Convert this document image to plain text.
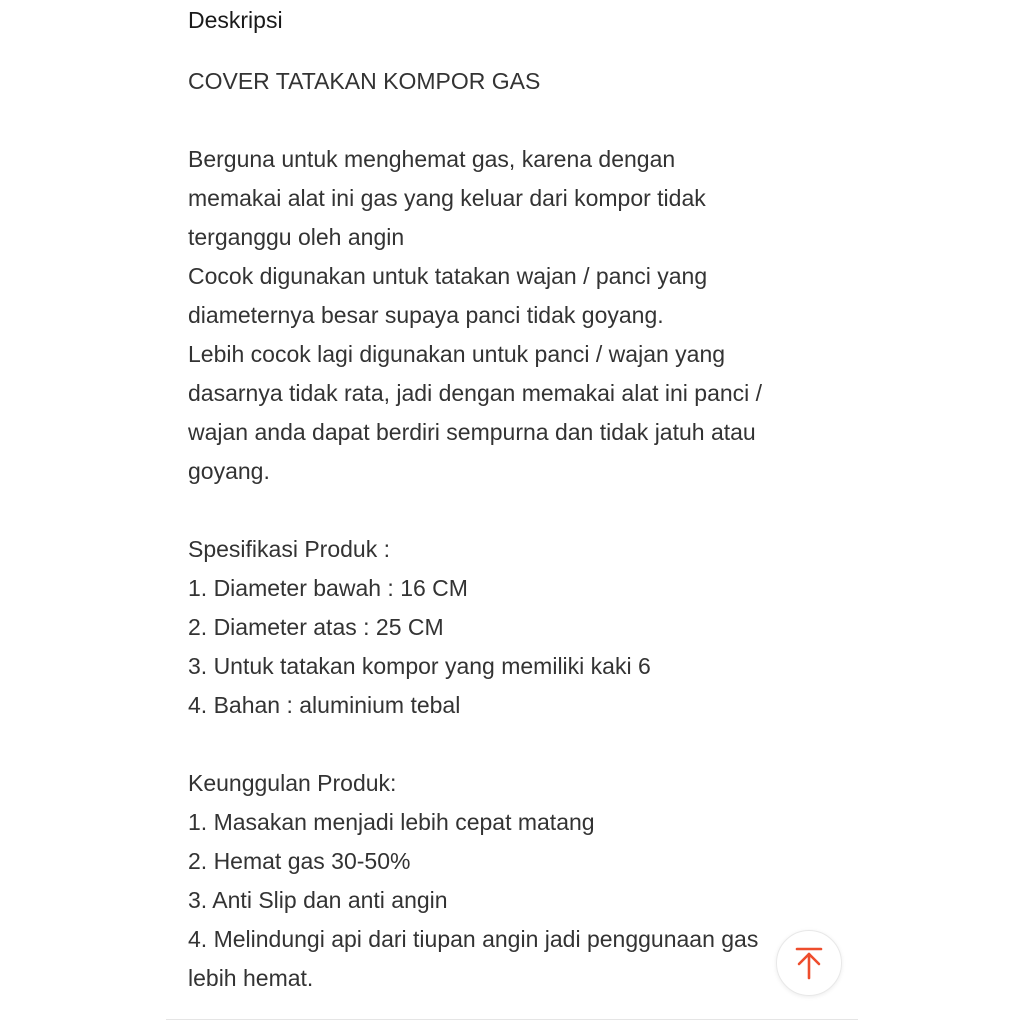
Deskripsi
COVER TATAKAN KOMPOR GAS
Berguna untuk menghemat gas, karena dengan
memakai alat ini gas yang keluar dari kompor tidak
terganggu oleh angin
Cocok digunakan untuk tatakan wajan / panci yang
diameternya besar supaya panci tidak goyang.
Lebih cocok lagi digunakan untuk panci / wajan yang
dasarnya tidak rata, jadi dengan memakai alat ini panci /
wajan anda dapat berdiri sempurna dan tidak jatuh atau
goyang.
Spesifikasi Produk :
1. Diameter bawah : 16 CM
2. Diameter atas : 25 CM
3. Untuk tatakan kompor yang memiliki kaki 6
4. Bahan : aluminium tebal
Keunggulan Produk:
1. Masakan menjadi lebih cepat matang
2. Hemat gas 30-50%
3. Anti Slip dan anti angin
4. Melindungi api dari tiupan angin jadi penggunaan gas
lebih hemat.
